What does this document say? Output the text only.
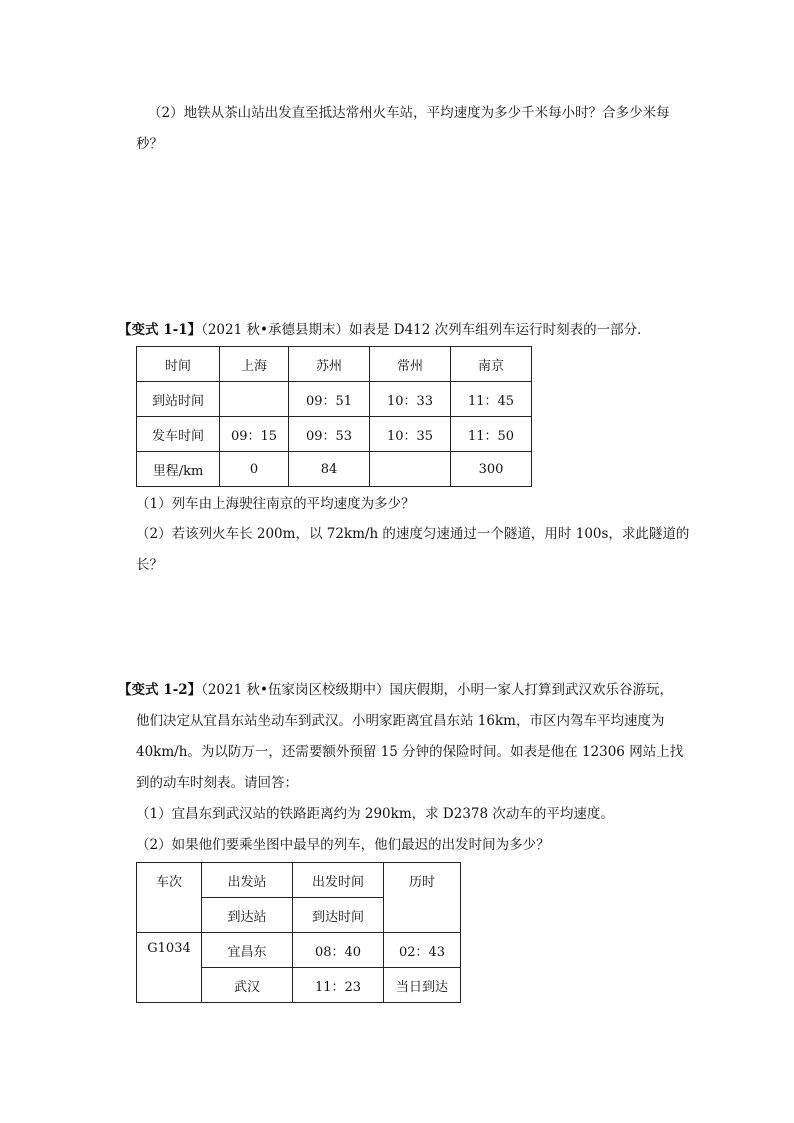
（2）地铁从茶山站出发直至抵达常州火车站，平均速度为多少千米每小时？合多少米每
秒？
【变式 1-1】（2021 秋•承德县期末）如表是 D412 次列车组列车运行时刻表的一部分．
时间	上海	苏州	常州	南京
到站时间		09：51	10：33	11：45
发车时间	09：15	09：53	10：35	11：50
里程/km	0	84		300
（1）列车由上海驶往南京的平均速度为多少？
（2）若该列火车长 200m，以 72km/h 的速度匀速通过一个隧道，用时 100s，求此隧道的
长？
【变式 1-2】（2021 秋•伍家岗区校级期中）国庆假期，小明一家人打算到武汉欢乐谷游玩，
他们决定从宜昌东站坐动车到武汉。小明家距离宜昌东站 16km，市区内驾车平均速度为
40km/h。为以防万一，还需要额外预留 15 分钟的保险时间。如表是他在 12306 网站上找
到的动车时刻表。请回答：
（1）宜昌东到武汉站的铁路距离约为 290km，求 D2378 次动车的平均速度。
（2）如果他们要乘坐图中最早的列车，他们最迟的出发时间为多少？
车次	出发站	出发时间	历时
	到达站	到达时间	
G1034	宜昌东	08：40	02：43
	武汉	11：23	当日到达
